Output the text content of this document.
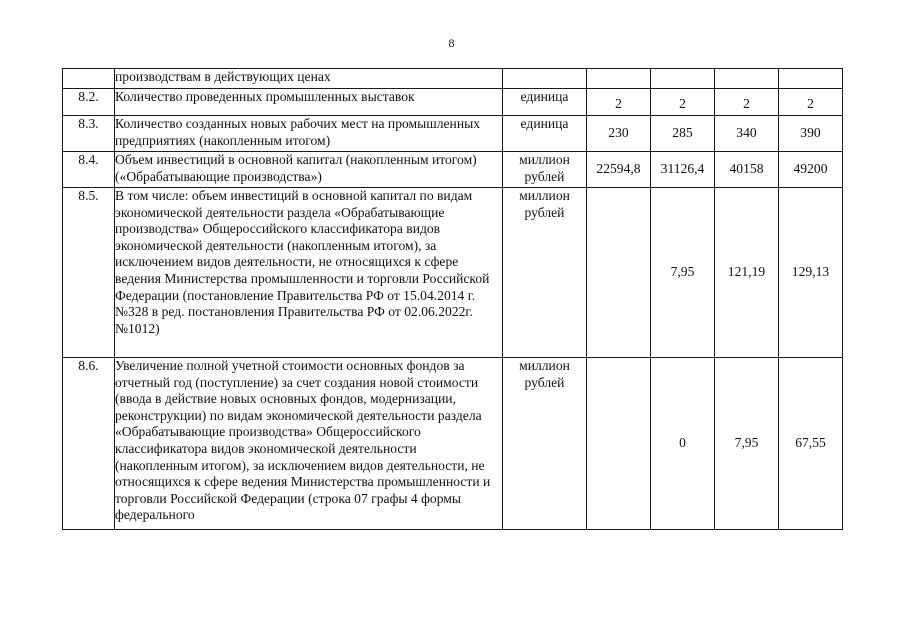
8
	производствам в действующих ценах					
8.2.	Количество проведенных промышленных выставок	единица	2	2	2	2
8.3.	Количество созданных новых рабочих мест на промышленных предприятиях (накопленным итогом)	единица	230	285	340	390
8.4.	Объем инвестиций в основной капитал (накопленным итогом) («Обрабатывающие производства»)	миллион рублей	22594,8	31126,4	40158	49200
8.5.	В том числе: объем инвестиций в основной капитал по видам экономической деятельности раздела «Обрабатывающие производства» Общероссийского классификатора видов экономической деятельности (накопленным итогом), за исключением видов деятельности, не относящихся к сфере ведения Министерства промышленности и торговли Российской Федерации (постановление Правительства РФ от 15.04.2014 г. №328 в ред. постановления Правительства РФ от 02.06.2022г. №1012)	миллион рублей		7,95	121,19	129,13
8.6.	Увеличение полной учетной стоимости основных фондов за отчетный год (поступление) за счет создания новой стоимости (ввода в действие новых основных фондов, модернизации, реконструкции) по видам экономической деятельности раздела «Обрабатывающие производства» Общероссийского классификатора видов экономической деятельности (накопленным итогом), за исключением видов деятельности, не относящихся к сфере ведения Министерства промышленности и торговли Российской Федерации (строка 07 графы 4 формы федерального	миллион рублей		0	7,95	67,55
